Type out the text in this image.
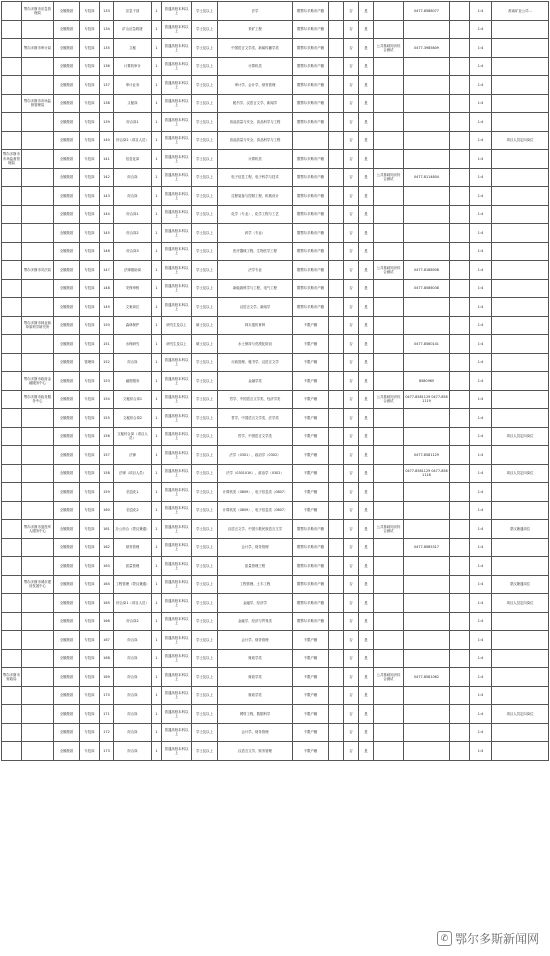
	鄂尔多斯市应急管理局	全额拨款	专技岗	133	应急干部	1	普通高校本科以上	学士及以上	法学	限鄂尔多斯市户籍		否	是		0477-8588077		1:4	淮南矿业公司...
		全额拨款	专技岗	134	矿山应急救援	1	普通高校本科以上	学士及以上	采矿工程	限鄂尔多斯市户籍		否	是				1:4	
	鄂尔多斯市审计局	全额拨款	专技岗	135	文秘	1	普通高校本科以上	学士及以上	中国语言文学类、新闻传播学类	限鄂尔多斯市户籍		否	是	公共基础知识综合测试	0477-3985809		1:4	
		全额拨款	专技岗	136	计算机审计	1	普通高校本科以上	学士及以上	计算机类	限鄂尔多斯市户籍		否	是				1:4	
		全额拨款	专技岗	137	审计业务	1	普通高校本科以上	学士及以上	审计学、会计学、财务管理	限鄂尔多斯市户籍		否	是				1:4	
	鄂尔多斯市市场监督管理局	全额拨款	专技岗	138	文秘岗	1	普通高校本科以上	学士及以上	秘书学、汉语言文学、新闻学	限鄂尔多斯市户籍		否	是				1:4	
		全额拨款	专技岗	139	综合岗1	1	普通高校本科以上	学士及以上	食品质量与安全、食品科学与工程	限鄂尔多斯市户籍		否	是				1:4	
		全额拨款	专技岗	140	综合岗2（项目人员）	1	普通高校本科以上	学士及以上	食品质量与安全、食品科学与工程			否	是				1:4	项目人员定向岗位
鄂尔多斯市市场监督管理局		全额拨款	专技岗	141	信息化岗	1	普通高校本科以上	学士及以上	计算机类	限鄂尔多斯市户籍		否	是				1:4	
		全额拨款	专技岗	142	综合岗	1	普通高校本科以上	学士及以上	电子信息工程、电子科学与技术	限鄂尔多斯市户籍		否	是	公共基础知识综合测试	0477-8114804		1:4	
		全额拨款	专技岗	143	综合岗	1	普通高校本科以上	学士及以上	过程装备与控制工程、机械设计	限鄂尔多斯市户籍		否	是				1:4	
		全额拨款	专技岗	144	综合岗1	1	普通高校本科以上	学士及以上	化学（专业）、化学工程与工艺	限鄂尔多斯市户籍		否	是				1:4	
		全额拨款	专技岗	145	综合岗2	1	普通高校本科以上	学士及以上	药学（专业）	限鄂尔多斯市户籍		否	是				1:4	
		全额拨款	专技岗	146	综合岗3	1	普通高校本科以上	学士及以上	医疗器械工程、生物医学工程	限鄂尔多斯市户籍		否	是				1:4	
	鄂尔多斯市司法局	全额拨款	专技岗	147	法律援助岗	1	普通高校本科以上	学士及以上	法学专业	限鄂尔多斯市户籍		否	是	公共基础知识综合测试	0477-8188908		1:4	
		全额拨款	专技岗	148	安保审核	1	普通高校本科以上	学士及以上	新能源科学与工程、电气工程	限鄂尔多斯市户籍		否	是		0477-8586038		1:4	
		全额拨款	专技岗	149	文案岗位	1	普通高校本科以上	学士及以上	汉语言文学、新闻学	限鄂尔多斯市户籍		否	是				1:4	
	鄂尔多斯市林业和草原科学研究所	全额拨款	专技岗	150	森林保护	1	研究生及以上	硕士及以上	林木遗传育种	不限户籍		否	是				1:4	
		全额拨款	专技岗	151	水保研究	1	研究生及以上	硕士及以上	水土保持与荒漠化防治	不限户籍		否	是		0477-8580141		1:4	
		全额拨款	管理岗	152	综合岗	1	普通高校本科以上	学士及以上	行政管理、秘书学、汉语言文学	不限户籍		否	是				1:4	
	鄂尔多斯市政府金融服务中心	全额拨款	专技岗	153	融资服务	1	普通高校本科以上	学士及以上	金融学类	不限户籍		否	是		8580965		1:4	
	鄂尔多斯市政务服务中心	全额拨款	专技岗	154	文秘综合岗1	1	普通高校本科以上	学士及以上	哲学、中国语言文学类、经济学类	不限户籍		否	是	公共基础知识综合测试	0477-8581129 0477-8581119		1:4	
		全额拨款	专技岗	155	文秘综合岗2	1	普通高校本科以上	学士及以上	哲学、中国语言文学类、法学类	不限户籍		否	是				1:4	
		全额拨款	专技岗	156	文秘综合岗（项目人员）	1	普通高校本科以上	学士及以上	哲学、中国语言文学类	不限户籍		否	是				1:4	项目人员定向岗位
		全额拨款	专技岗	157	法律	1	普通高校本科以上	学士及以上	法学（0301）、政治学（0302）	不限户籍		否	是		0477-8581129		1:4	
		全额拨款	专技岗	158	法律（项目人员）	1	普通高校本科以上	学士及以上	法学（030101K）、政治学（0302）	不限户籍		否	是		0477-8581129 0477-8581116		1:4	项目人员定向岗位
		全额拨款	专技岗	159	信息化1	1	普通高校本科以上	学士及以上	计算机类（0809）、电子信息类（0807）	不限户籍		否	是				1:4	
		全额拨款	专技岗	160	信息化2	1	普通高校本科以上	学士及以上	计算机类（0809）、电子信息类（0807）	不限户籍		否	是				1:4	
	鄂尔多斯市退役军人服务中心	全额拨款	专技岗	161	办公综合（蒙汉兼通）	1	普通高校本科以上	学士及以上	汉语言文学、中国少数民族语言文学	限鄂尔多斯市户籍		否	是	公共基础知识综合测试			1:4	蒙汉兼通岗位
		全额拨款	专技岗	162	财务管理	1	普通高校本科以上	学士及以上	会计学、财务管理	限鄂尔多斯市户籍		否	是		0477-8985317		1:4	
		全额拨款	专技岗	163	质量管理	1	普通高校本科以上	学士及以上	质量管理工程	限鄂尔多斯市户籍		否	是				1:4	
	鄂尔多斯市城市建设发展中心	全额拨款	专技岗	164	工程管理（蒙汉兼通）	1	普通高校本科以上	学士及以上	工程管理、土木工程	限鄂尔多斯市户籍		否	是				1:4	蒙汉兼通岗位
		全额拨款	专技岗	165	综合岗1（项目人员）	1	普通高校本科以上	学士及以上	金融学、经济学	限鄂尔多斯市户籍		否	是				1:4	项目人员定向岗位
		全额拨款	专技岗	166	综合岗2	1	普通高校本科以上	学士及以上	金融学、经济与贸易类	限鄂尔多斯市户籍		否	是				1:4	
		全额拨款	专技岗	167	综合岗	1	普通高校本科以上	学士及以上	会计学、财务管理	不限户籍		否	是				1:4	
		全额拨款	专技岗	168	综合岗	1	普通高校本科以上	学士及以上	财政学类	不限户籍		否	是				1:4	
鄂尔多斯市财政局		全额拨款	专技岗	169	综合岗	1	普通高校本科以上	学士及以上	财政学类	不限户籍		否	是	公共基础知识综合测试	0477-8581062		1:4	
		全额拨款	专技岗	170	综合岗	1	普通高校本科以上	学士及以上	财政学类	不限户籍		否	是				1:4	
		全额拨款	专技岗	171	综合岗	1	普通高校本科以上	学士及以上	网络工程、数据科学	不限户籍		否	是				1:4	项目人员定向岗位
		全额拨款	专技岗	172	综合岗	1	普通高校本科以上	学士及以上	会计学、财务管理	不限户籍		否	是				1:4	
		全额拨款	专技岗	173	综合岗	1	普通高校本科以上	学士及以上	汉语言文学、财务管理	不限户籍		否	是				1:4	
✆ 鄂尔多斯新闻网
